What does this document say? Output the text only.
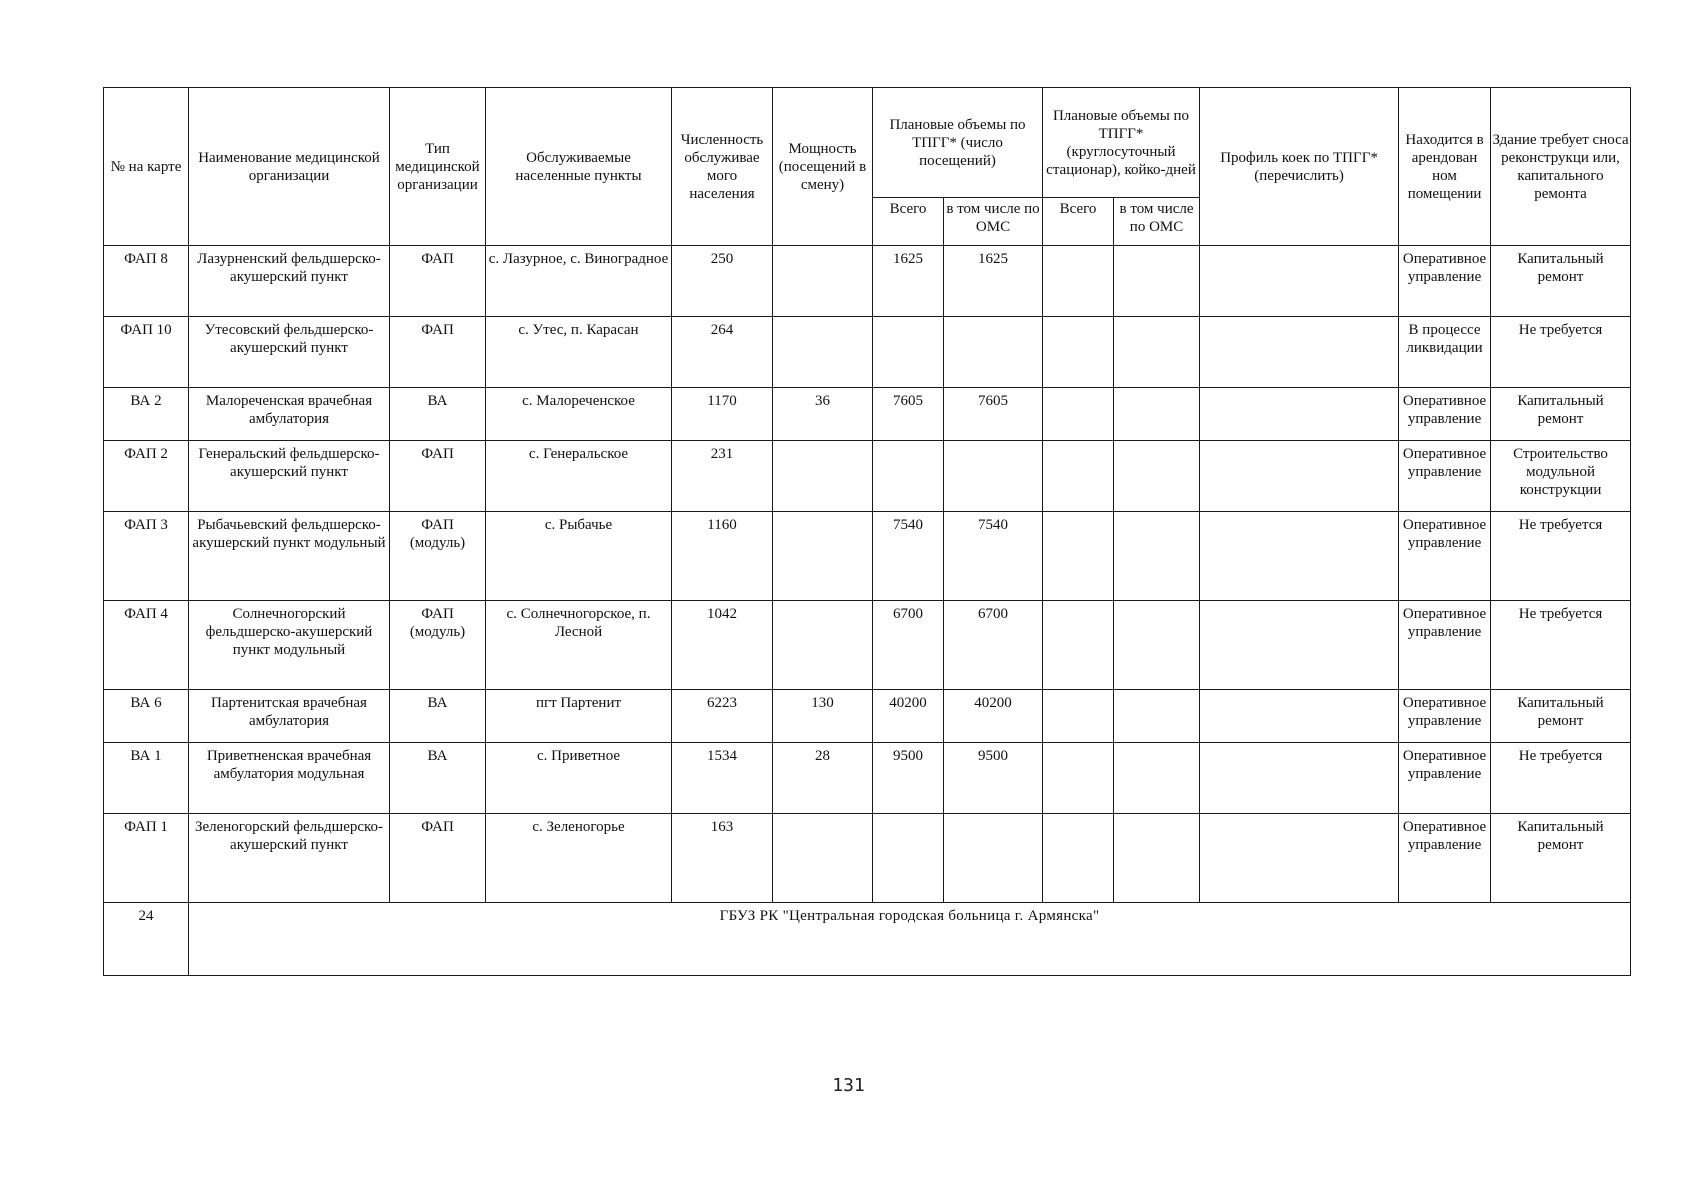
№ на карте	Наименование медицинской организации	Тип медицинской организации	Обслуживаемые населенные пункты	Численность обслуживае мого населения	Мощность (посещений в смену)	Плановые объемы по ТПГГ* (число посещений)		Плановые объемы по ТПГГ* (круглосуточный стационар), койко-дней		Профиль коек по ТПГГ* (перечислить)	Находится в арендован ном помещении	Здание требует сноса реконструкци или, капитального ремонта
						Всего	в том числе по ОМС	Всего	в том числе по ОМС			
ФАП 8	Лазурненский фельдшерско-акушерский пункт	ФАП	с. Лазурное, с. Виноградное	250		1625	1625				Оперативное управление	Капитальный ремонт
ФАП 10	Утесовский фельдшерско-акушерский пункт	ФАП	с. Утес, п. Карасан	264							В процессе ликвидации	Не требуется
ВА 2	Малореченская врачебная амбулатория	ВА	с. Малореченское	1170	36	7605	7605				Оперативное управление	Капитальный ремонт
ФАП 2	Генеральский фельдшерско-акушерский пункт	ФАП	с. Генеральское	231							Оперативное управление	Строительство модульной конструкции
ФАП 3	Рыбачьевский фельдшерско-акушерский пункт модульный	ФАП (модуль)	с. Рыбачье	1160		7540	7540				Оперативное управление	Не требуется
ФАП 4	Солнечногорский фельдшерско-акушерский пункт модульный	ФАП (модуль)	с. Солнечногорское, п. Лесной	1042		6700	6700				Оперативное управление	Не требуется
ВА 6	Партенитская врачебная амбулатория	ВА	пгт Партенит	6223	130	40200	40200				Оперативное управление	Капитальный ремонт
ВА 1	Приветненская врачебная амбулатория модульная	ВА	с. Приветное	1534	28	9500	9500				Оперативное управление	Не требуется
ФАП 1	Зеленогорский фельдшерско-акушерский пункт	ФАП	с. Зеленогорье	163							Оперативное управление	Капитальный ремонт
24	ГБУЗ РК "Центральная городская больница г. Армянска"											
131
